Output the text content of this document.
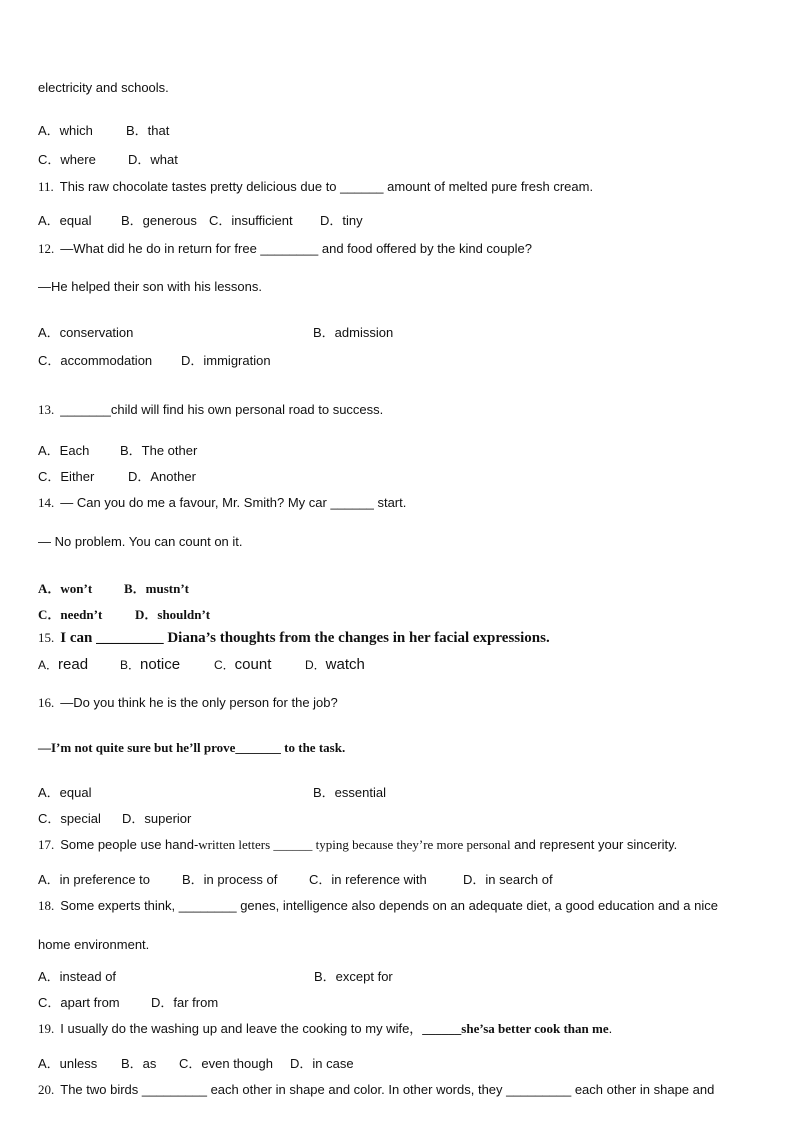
electricity and schools.
A．which	B．that
C．where D．what
11. This raw chocolate tastes pretty delicious due to ______ amount of melted pure fresh cream.
A．equal B．generous C．insufficient D．tiny
12. —What did he do in return for free ________ and food offered by the kind couple?
—He helped their son with his lessons.
A．conservation	B．admission
C．accommodation D．immigration
13. _______child will find his own personal road to success.
A．Each B．The other
C．Either	D．Another
14. — Can you do me a favour, Mr. Smith? My car ______ start.
— No problem. You can count on it.
A．won’t B．mustn’t
C．needn’t	D．shouldn’t
15. I can _________ Diana’s thoughts from the changes in her facial expressions.
A．read	B．notice	C．count	D．watch
16. —Do you think he is the only person for the job?
—I’m not quite sure but he’ll prove_______ to the task.
A．equal	B．essential
C．special D．superior
17. Some people use hand-written letters ______ typing because they’re more personal and represent your sincerity.
A．in preference to B．in process of C．in reference with	D．in search of
18. Some experts think, ________ genes, intelligence also depends on an adequate diet, a good education and a nice
home environment.
A．instead of	B．except for
C．apart from D．far from
19. I usually do the washing up and leave the cooking to my wife，______she’sa better cook than me.
A．unless B．as C．even though D．in case
20. The two birds _________ each other in shape and color. In other words, they _________ each other in shape and
